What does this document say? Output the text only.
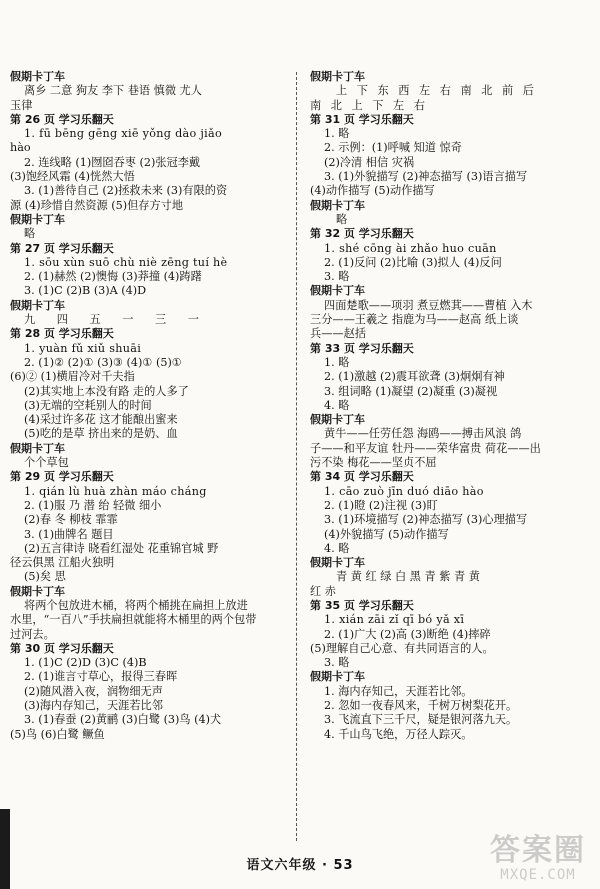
假期卡丁车
离乡 二意 狗友 李下 巷语 慎微 尤人
玉律
第 26 页 学习乐翻天
1. fū bēng gēng xiē yǒng dào jiǎo
hào
2. 连线略 (1)囫囵吞枣 (2)张冠李戴
(3)饱经风霜 (4)恍然大悟
3. (1)善待自己 (2)拯救未来 (3)有限的资
源 (4)珍惜自然资源 (5)但存方寸地
假期卡丁车
略
第 27 页 学习乐翻天
1. sōu xùn suō chù niè zēng tuí hè
2. (1)赫然 (2)懊悔 (3)莽撞 (4)踌躇
3. (1)C (2)B (3)A (4)D
假期卡丁车
九 四 五 一 三 一
第 28 页 学习乐翻天
1. yuàn fǔ xiǔ shuāi
2. (1)② (2)① (3)③ (4)① (5)①
(6)② (1)横眉冷对千夫指
(2)其实地上本没有路 走的人多了
(3)无端的空耗别人的时间
(4)采过许多花 这才能酿出蜜来
(5)吃的是草 挤出来的是奶、血
假期卡丁车
个个草包
第 29 页 学习乐翻天
1. qián lù huà zhàn máo cháng
2. (1)服 乃 潜 绐 轻微 细小
(2)春 冬 柳枝 霏霏
3. (1)曲牌名 题目
(2)五言律诗 晓看红湿处 花重锦官城 野
径云俱黑 江船火独明
(5)矣 思
假期卡丁车
将两个包放进木桶，将两个桶挑在扁担上放进
水里，“一百八”手扶扁担就能将木桶里的两个包带
过河去。
第 30 页 学习乐翻天
1. (1)C (2)D (3)C (4)B
2. (1)谁言寸草心，报得三春晖
(2)随风潜入夜，润物细无声
(3)海内存知己，天涯若比邻
3. (1)春蚕 (2)黄鹂 (3)白鹭 (3)鸟 (4)犬
(5)鸟 (6)白鹭 鳜鱼
假期卡丁车
上 下 东 西 左 右 南 北 前 后
南 北 上 下 左 右
第 31 页 学习乐翻天
1. 略
2. 示例：(1)呼喊 知道 惊奇
(2)冷清 相信 灾祸
3. (1)外貌描写 (2)神态描写 (3)语言描写
(4)动作描写 (5)动作描写
假期卡丁车
略
第 32 页 学习乐翻天
1. shé cōng ài zhǎo huo cuān
2. (1)反问 (2)比喻 (3)拟人 (4)反问
3. 略
假期卡丁车
四面楚歌——项羽 煮豆燃萁——曹植 入木
三分——王羲之 指鹿为马——赵高 纸上谈
兵——赵括
第 33 页 学习乐翻天
1. 略
2. (1)激越 (2)震耳欲聋 (3)炯炯有神
3. 组词略 (1)凝望 (2)凝重 (3)凝视
4. 略
假期卡丁车
黄牛——任劳任怨 海鸥——搏击风浪 鸽
子——和平友谊 牡丹——荣华富贵 荷花——出
污不染 梅花——坚贞不屈
第 34 页 学习乐翻天
1. cāo zuò jīn duó diāo hào
2. (1)瞪 (2)注视 (3)盯
3. (1)环境描写 (2)神态描写 (3)心理描写
(4)外貌描写 (5)动作描写
4. 略
假期卡丁车
青 黄 红 绿 白 黑 青 紫 青 黄
红 赤
第 35 页 学习乐翻天
1. xián zāi zǐ qī bó yǎ xī
2. (1)广大 (2)高 (3)断绝 (4)摔碎
(5)理解自己心意、有共同语言的人。
3. 略
假期卡丁车
1. 海内存知己，天涯若比邻。
2. 忽如一夜春风来，千树万树梨花开。
3. 飞流直下三千尺，疑是银河落九天。
4. 千山鸟飞绝，万径人踪灭。
语文六年级 · 53	答案圈
MXQE.COM
